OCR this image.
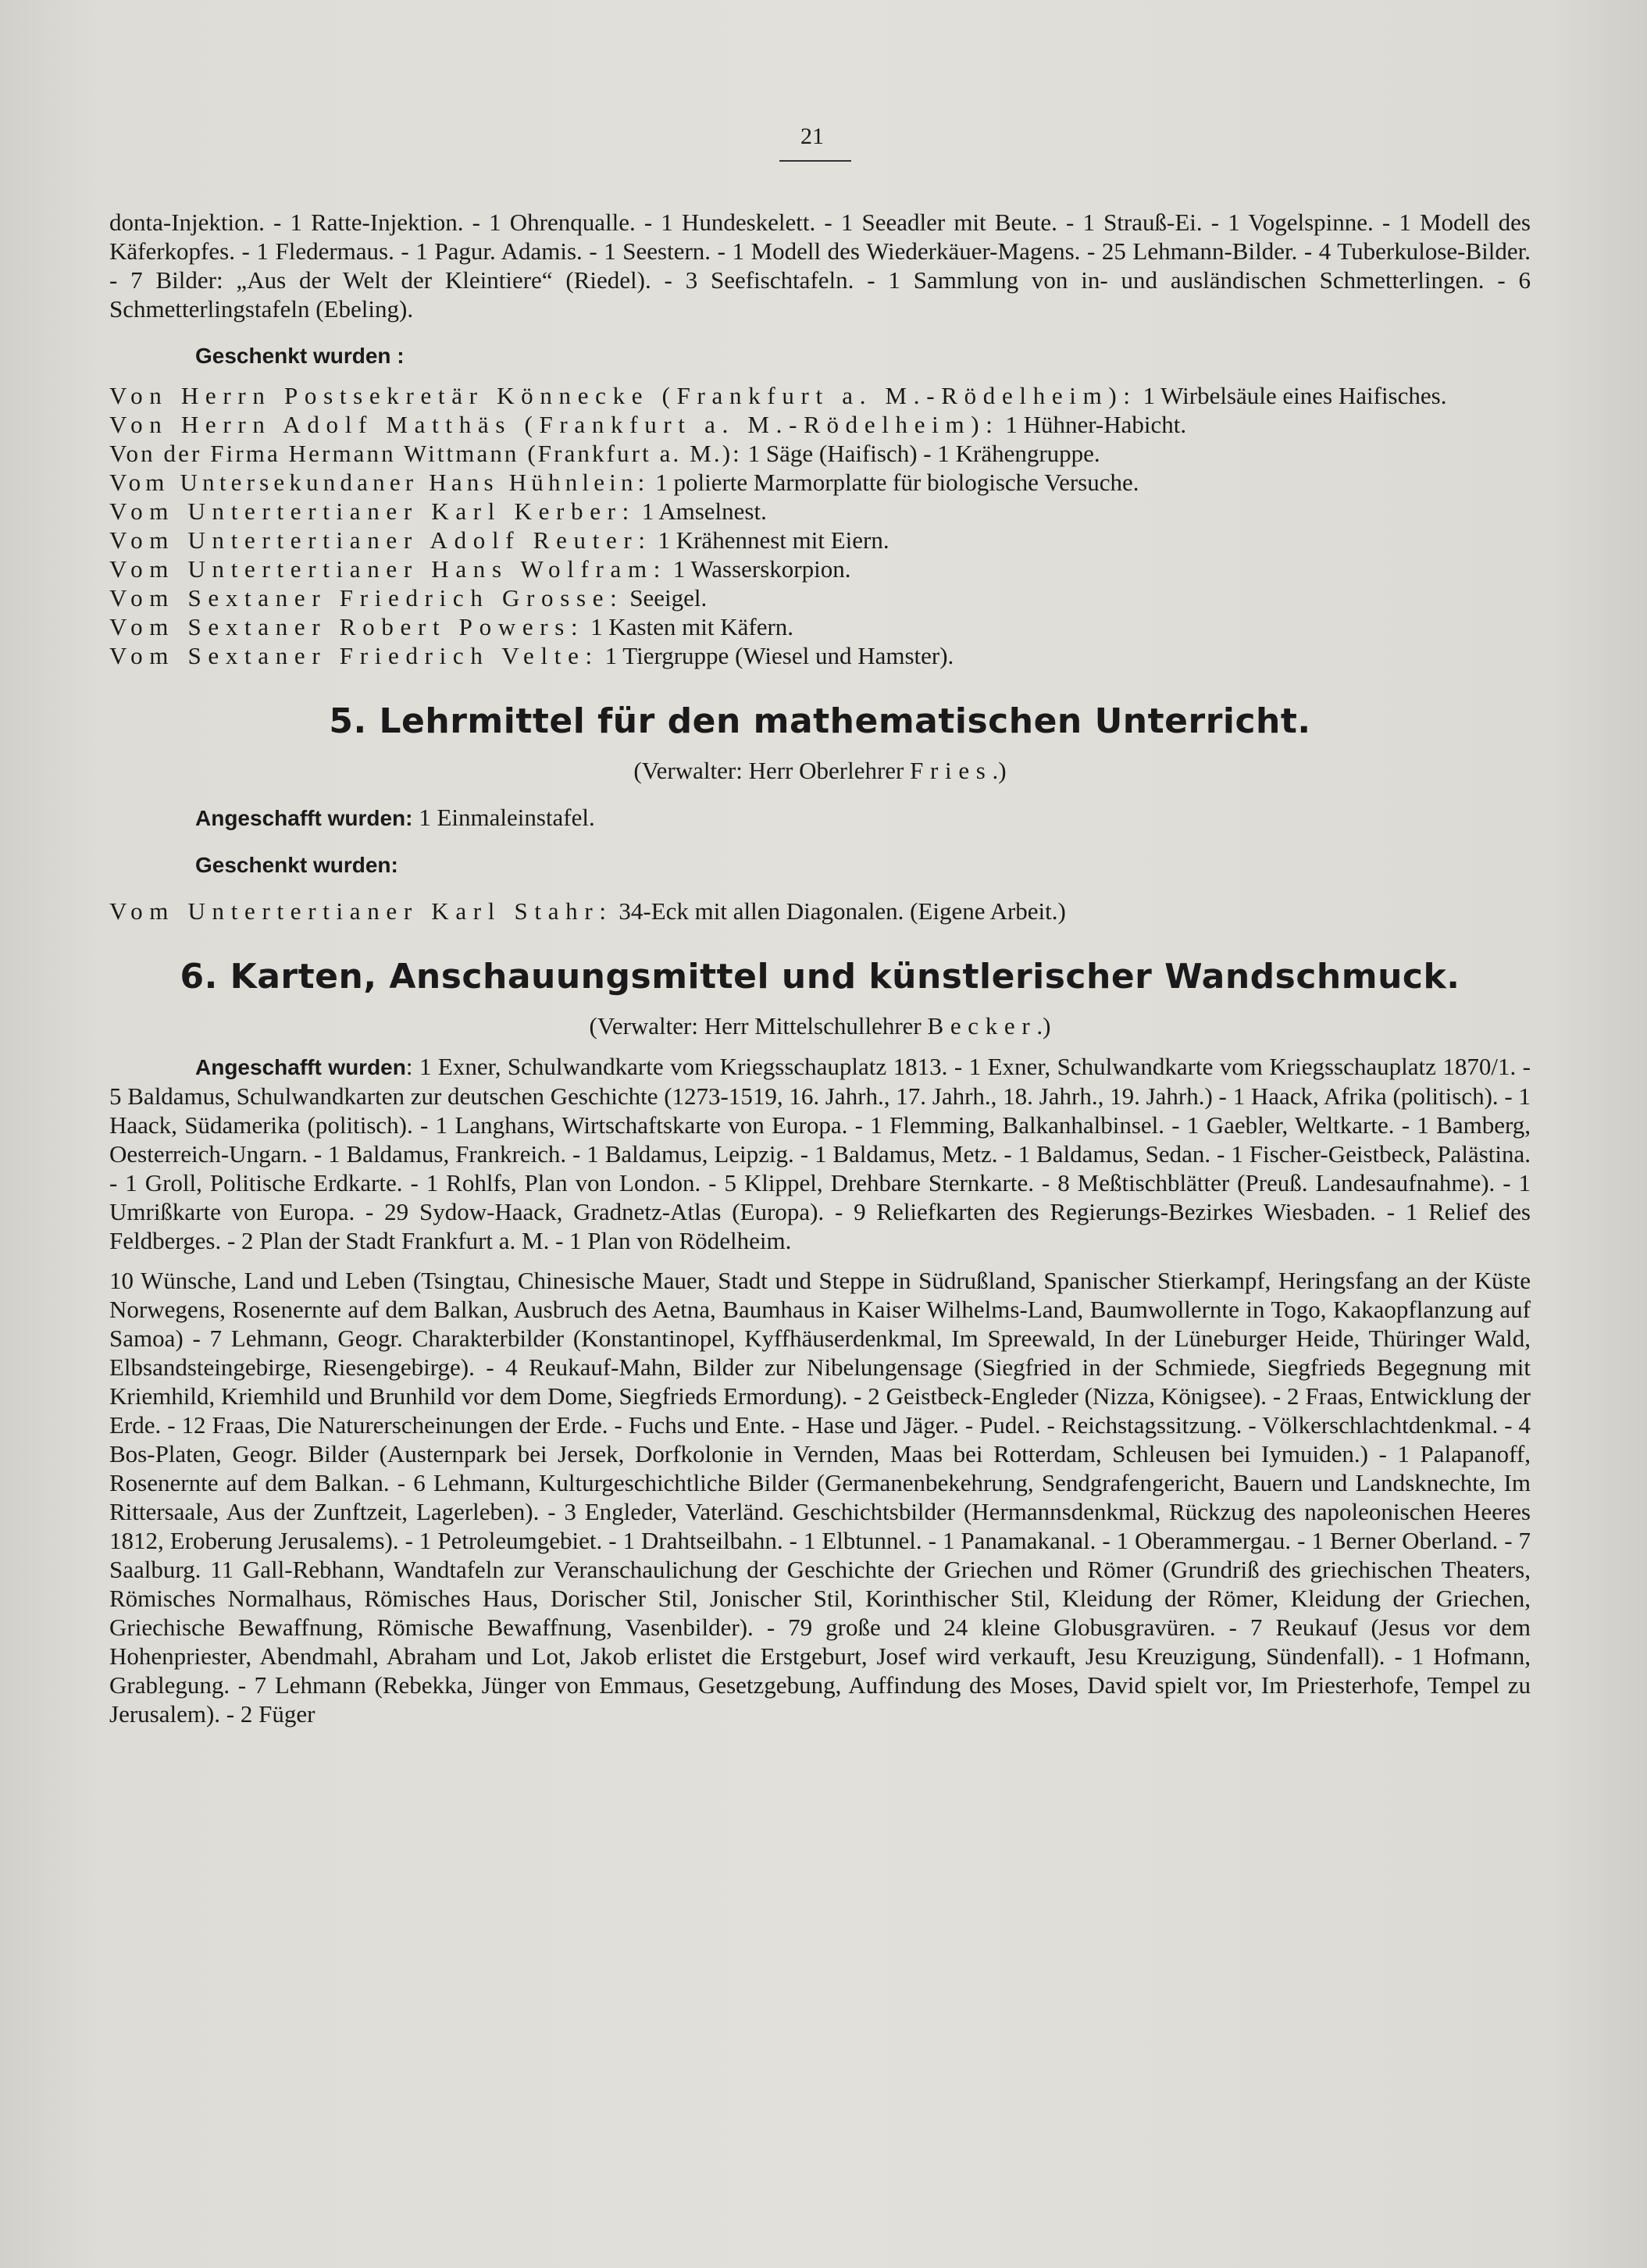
21

donta-Injektion. - 1 Ratte-Injektion. - 1 Ohrenqualle. - 1 Hundeskelett. - 1 Seeadler mit Beute. - 1 Strauß-Ei. - 1 Vogelspinne. - 1 Modell des Käferkopfes. - 1 Fledermaus. - 1 Pagur. Adamis. - 1 Seestern. - 1 Modell des Wiederkäuer-Magens. - 25 Lehmann-Bilder. - 4 Tuberkulose-Bilder. - 7 Bilder: „Aus der Welt der Kleintiere“ (Riedel). - 3 Seefischtafeln. - 1 Sammlung von in- und ausländischen Schmetterlingen. - 6 Schmetterlingstafeln (Ebeling).

Geschenkt wurden :

Von Herrn Postsekretär Könnecke (Frankfurt a. M.-Rödelheim): 1 Wirbelsäule eines Haifisches.

Von Herrn Adolf Matthäs (Frankfurt a. M.-Rödelheim): 1 Hühner-Habicht.

Von der Firma Hermann Wittmann (Frankfurt a. M.): 1 Säge (Haifisch) - 1 Krähengruppe.

Vom Untersekundaner Hans Hühnlein: 1 polierte Marmorplatte für biologische Versuche.

Vom Untertertianer Karl Kerber: 1 Amselnest.

Vom Untertertianer Adolf Reuter: 1 Krähennest mit Eiern.

Vom Untertertianer Hans Wolfram: 1 Wasserskorpion.

Vom Sextaner Friedrich Grosse: Seeigel.

Vom Sextaner Robert Powers: 1 Kasten mit Käfern.

Vom Sextaner Friedrich Velte: 1 Tiergruppe (Wiesel und Hamster).

5. Lehrmittel für den mathematischen Unterricht.

(Verwalter: Herr Oberlehrer Fries.)

Angeschafft wurden: 1 Einmaleinstafel.
Geschenkt wurden:

Vom Untertertianer Karl Stahr: 34-Eck mit allen Diagonalen. (Eigene Arbeit.)

6. Karten, Anschauungsmittel und künstlerischer Wandschmuck.

(Verwalter: Herr Mittelschullehrer Becker.)

Angeschafft wurden: 1 Exner, Schulwandkarte vom Kriegsschauplatz 1813. - 1 Exner, Schulwandkarte vom Kriegsschauplatz 1870/1. - 5 Baldamus, Schulwandkarten zur deutschen Geschichte (1273-1519, 16. Jahrh., 17. Jahrh., 18. Jahrh., 19. Jahrh.) - 1 Haack, Afrika (politisch). - 1 Haack, Südamerika (politisch). - 1 Langhans, Wirtschaftskarte von Europa. - 1 Flemming, Balkanhalbinsel. - 1 Gaebler, Weltkarte. - 1 Bamberg, Oesterreich-Ungarn. - 1 Baldamus, Frankreich. - 1 Baldamus, Leipzig. - 1 Baldamus, Metz. - 1 Baldamus, Sedan. - 1 Fischer-Geistbeck, Palästina. - 1 Groll, Politische Erdkarte. - 1 Rohlfs, Plan von London. - 5 Klippel, Drehbare Sternkarte. - 8 Meßtischblätter (Preuß. Landesaufnahme). - 1 Umrißkarte von Europa. - 29 Sydow-Haack, Gradnetz-Atlas (Europa). - 9 Reliefkarten des Regierungs-Bezirkes Wiesbaden. - 1 Relief des Feldberges. - 2 Plan der Stadt Frankfurt a. M. - 1 Plan von Rödelheim.

10 Wünsche, Land und Leben (Tsingtau, Chinesische Mauer, Stadt und Steppe in Südrußland, Spanischer Stierkampf, Heringsfang an der Küste Norwegens, Rosenernte auf dem Balkan, Ausbruch des Aetna, Baumhaus in Kaiser Wilhelms-Land, Baumwollernte in Togo, Kakaopflanzung auf Samoa) - 7 Lehmann, Geogr. Charakterbilder (Konstantinopel, Kyffhäuserdenkmal, Im Spreewald, In der Lüneburger Heide, Thüringer Wald, Elbsandsteingebirge, Riesengebirge). - 4 Reukauf-Mahn, Bilder zur Nibelungensage (Siegfried in der Schmiede, Siegfrieds Begegnung mit Kriemhild, Kriemhild und Brunhild vor dem Dome, Siegfrieds Ermordung). - 2 Geistbeck-Engleder (Nizza, Königsee). - 2 Fraas, Entwicklung der Erde. - 12 Fraas, Die Naturerscheinungen der Erde. - Fuchs und Ente. - Hase und Jäger. - Pudel. - Reichstagssitzung. - Völkerschlachtdenkmal. - 4 Bos-Platen, Geogr. Bilder (Austernpark bei Jersek, Dorfkolonie in Vernden, Maas bei Rotterdam, Schleusen bei Iymuiden.) - 1 Palapanoff, Rosenernte auf dem Balkan. - 6 Lehmann, Kulturgeschichtliche Bilder (Germanenbekehrung, Sendgrafengericht, Bauern und Landsknechte, Im Rittersaale, Aus der Zunftzeit, Lagerleben). - 3 Engleder, Vaterländ. Geschichtsbilder (Hermannsdenkmal, Rückzug des napoleonischen Heeres 1812, Eroberung Jerusalems). - 1 Petroleumgebiet. - 1 Drahtseilbahn. - 1 Elbtunnel. - 1 Panamakanal. - 1 Oberammergau. - 1 Berner Oberland. - 7 Saalburg. 11 Gall-Rebhann, Wandtafeln zur Veranschaulichung der Geschichte der Griechen und Römer (Grundriß des griechischen Theaters, Römisches Normalhaus, Römisches Haus, Dorischer Stil, Jonischer Stil, Korinthischer Stil, Kleidung der Römer, Kleidung der Griechen, Griechische Bewaffnung, Römische Bewaffnung, Vasenbilder). - 79 große und 24 kleine Globusgravüren. - 7 Reukauf (Jesus vor dem Hohenpriester, Abendmahl, Abraham und Lot, Jakob erlistet die Erstgeburt, Josef wird verkauft, Jesu Kreuzigung, Sündenfall). - 1 Hofmann, Grablegung. - 7 Lehmann (Rebekka, Jünger von Emmaus, Gesetzgebung, Auffindung des Moses, David spielt vor, Im Priesterhofe, Tempel zu Jerusalem). - 2 Füger
